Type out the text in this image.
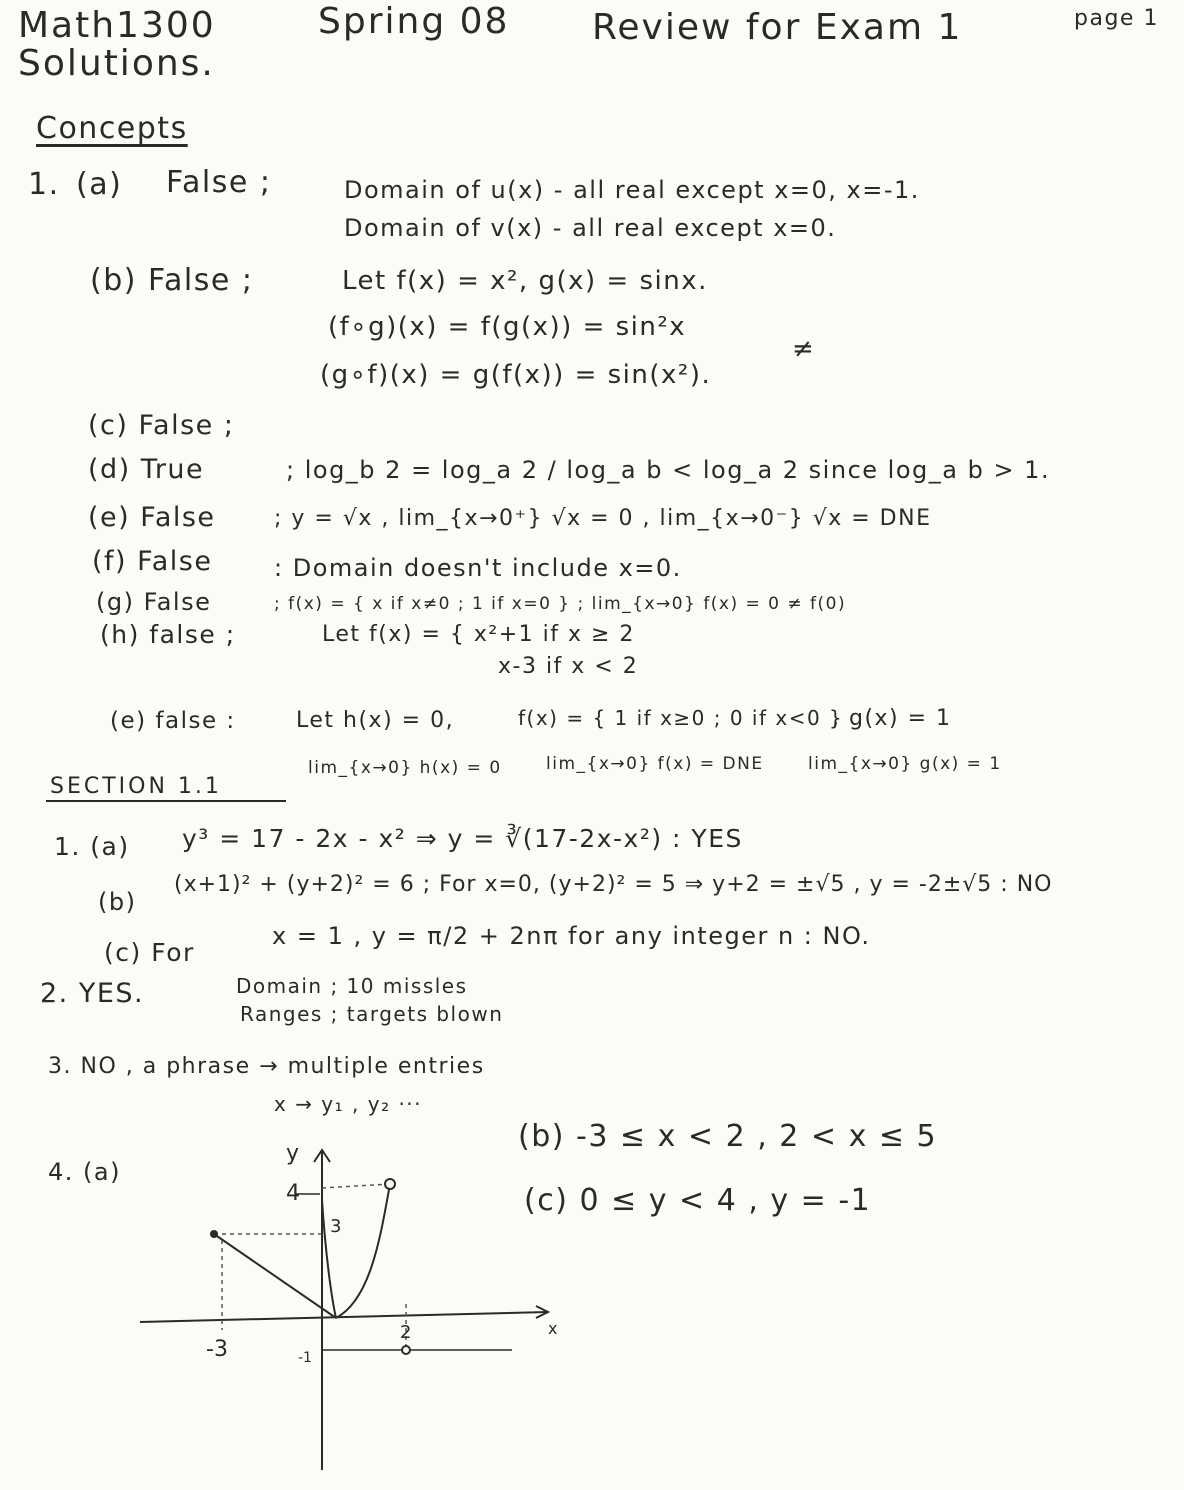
Math1300	Spring 08 Review for Exam 1	page 1
Solutions.
Concepts
1. (a) False ;	Domain of u(x) - all real except x=0, x=-1.
Domain of v(x) - all real except x=0.
(b) False ;	Let f(x) = x², g(x) = sinx.
(f∘g)(x) = f(g(x)) = sin²x
≠
(g∘f)(x) = g(f(x)) = sin(x²).
(c) False ;
(d) True	; log_b 2 = log_a 2 / log_a b < log_a 2 since log_a b > 1.
(e) False	; y = √x , lim_{x→0⁺} √x = 0 , lim_{x→0⁻} √x = DNE
(f) False	: Domain doesn't include x=0.
(g) False	; f(x) = { x if x≠0 ; 1 if x=0 } ; lim_{x→0} f(x) = 0 ≠ f(0)
(h) false ;	Let f(x) = { x²+1 if x ≥ 2
x-3 if x < 2
(e) false :	Let h(x) = 0,	f(x) = { 1 if x≥0 ; 0 if x<0 }
, g(x) = 1
lim_{x→0} h(x) = 0	lim_{x→0} f(x) = DNE	lim_{x→0} g(x) = 1
SECTION 1.1
1. (a) y³ = 17 - 2x - x² ⇒ y = ∛(17-2x-x²) : YES
(b)
(x+1)² + (y+2)² = 6 ; For x=0, (y+2)² = 5 ⇒ y+2 = ±√5 , y = -2±√5 : NO
(c) For
x = 1 , y = π/2 + 2nπ for any integer n : NO.
2. YES.	Domain ; 10 missles
Ranges ; targets blown
3. NO , a phrase → multiple entries
x → y₁ , y₂ ···
4. (a)
(b) -3 ≤ x < 2 , 2 < x ≤ 5
(c) 0 ≤ y < 4 , y = -1
y
x
4
3
-3
2
-1
